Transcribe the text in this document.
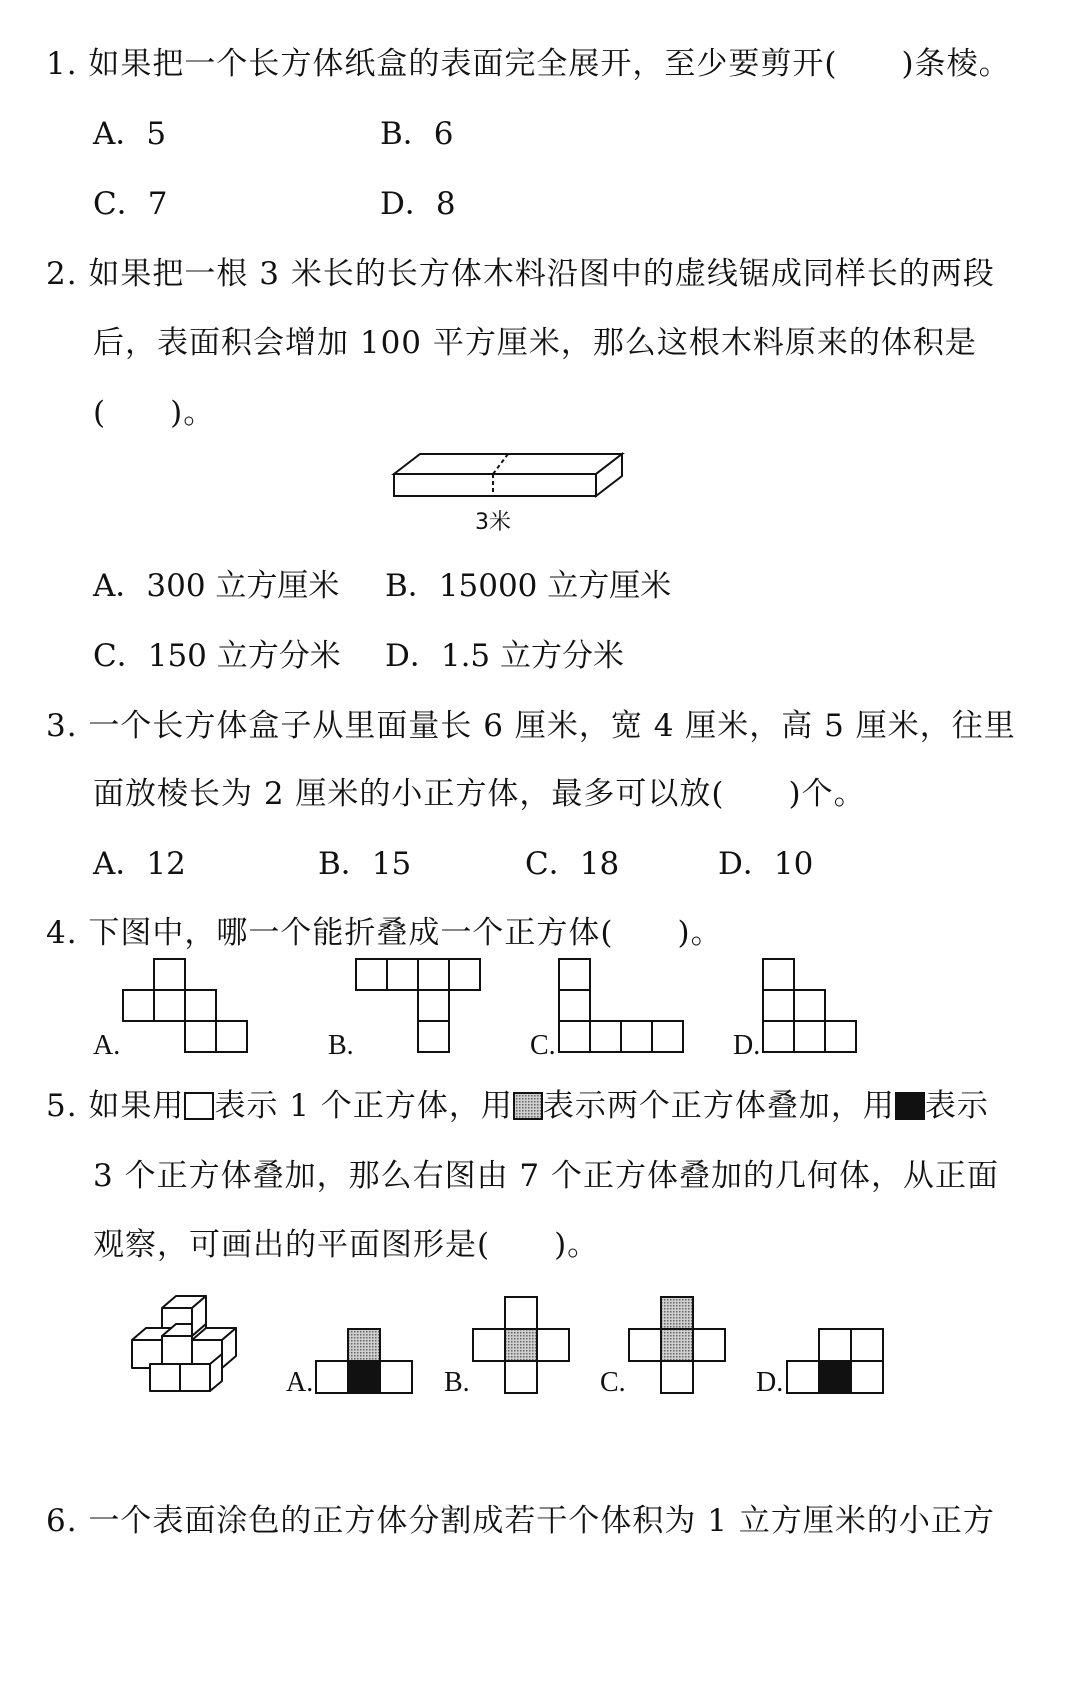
1. 如果把一个长方体纸盒的表面完全展开，至少要剪开(　　)条棱。
A．5	B．6
C．7	D．8
2. 如果把一根 3 米长的长方体木料沿图中的虚线锯成同样长的两段
后，表面积会增加 100 平方厘米，那么这根木料原来的体积是
(　　)。
3米
A．300 立方厘米 B．15000 立方厘米
C．150 立方分米 D．1.5 立方分米
3. 一个长方体盒子从里面量长 6 厘米，宽 4 厘米，高 5 厘米，往里
面放棱长为 2 厘米的小正方体，最多可以放(　　)个。
A．12	B．15	C．18	D．10
4. 下图中，哪一个能折叠成一个正方体(　　)。
A.	B.	C.	D.
5. 如果用 表示 1 个正方体，用 表示两个正方体叠加，用 表示
3 个正方体叠加，那么右图由 7 个正方体叠加的几何体，从正面
观察，可画出的平面图形是(　　)。
A.	B.	C.	D.
6. 一个表面涂色的正方体分割成若干个体积为 1 立方厘米的小正方
